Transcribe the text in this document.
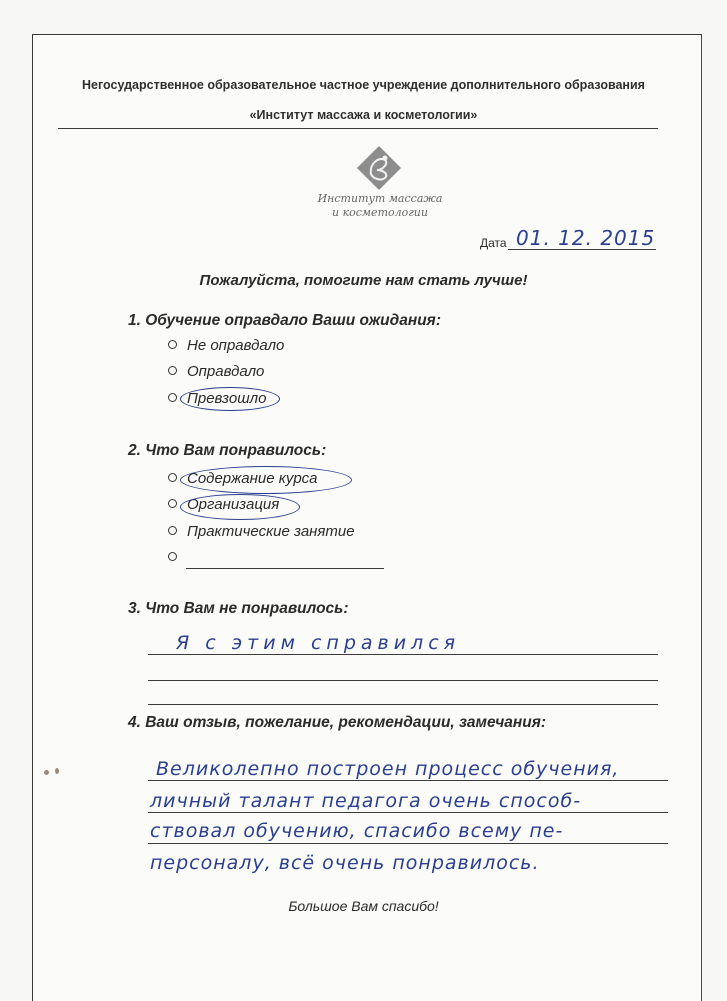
Негосударственное образовательное частное учреждение дополнительного образования
«Институт массажа и косметологии»
Институт массажа
и косметологии
Дата 01. 12. 2015
Пожалуйста, помогите нам стать лучше!
1. Обучение оправдало Ваши ожидания:
Не оправдало
Оправдало
Превзошло
2. Что Вам понравилось:
Содержание курса
Организация
Практические занятие
3. Что Вам не понравилось:
Я с этим справился
4. Ваш отзыв, пожелание, рекомендации, замечания:
Великолепно построен процесс обучения,
личный талант педагога очень способ-
ствовал обучению, спасибо всему пе-
персоналу, всё очень понравилось.
Большое Вам спасибо!
